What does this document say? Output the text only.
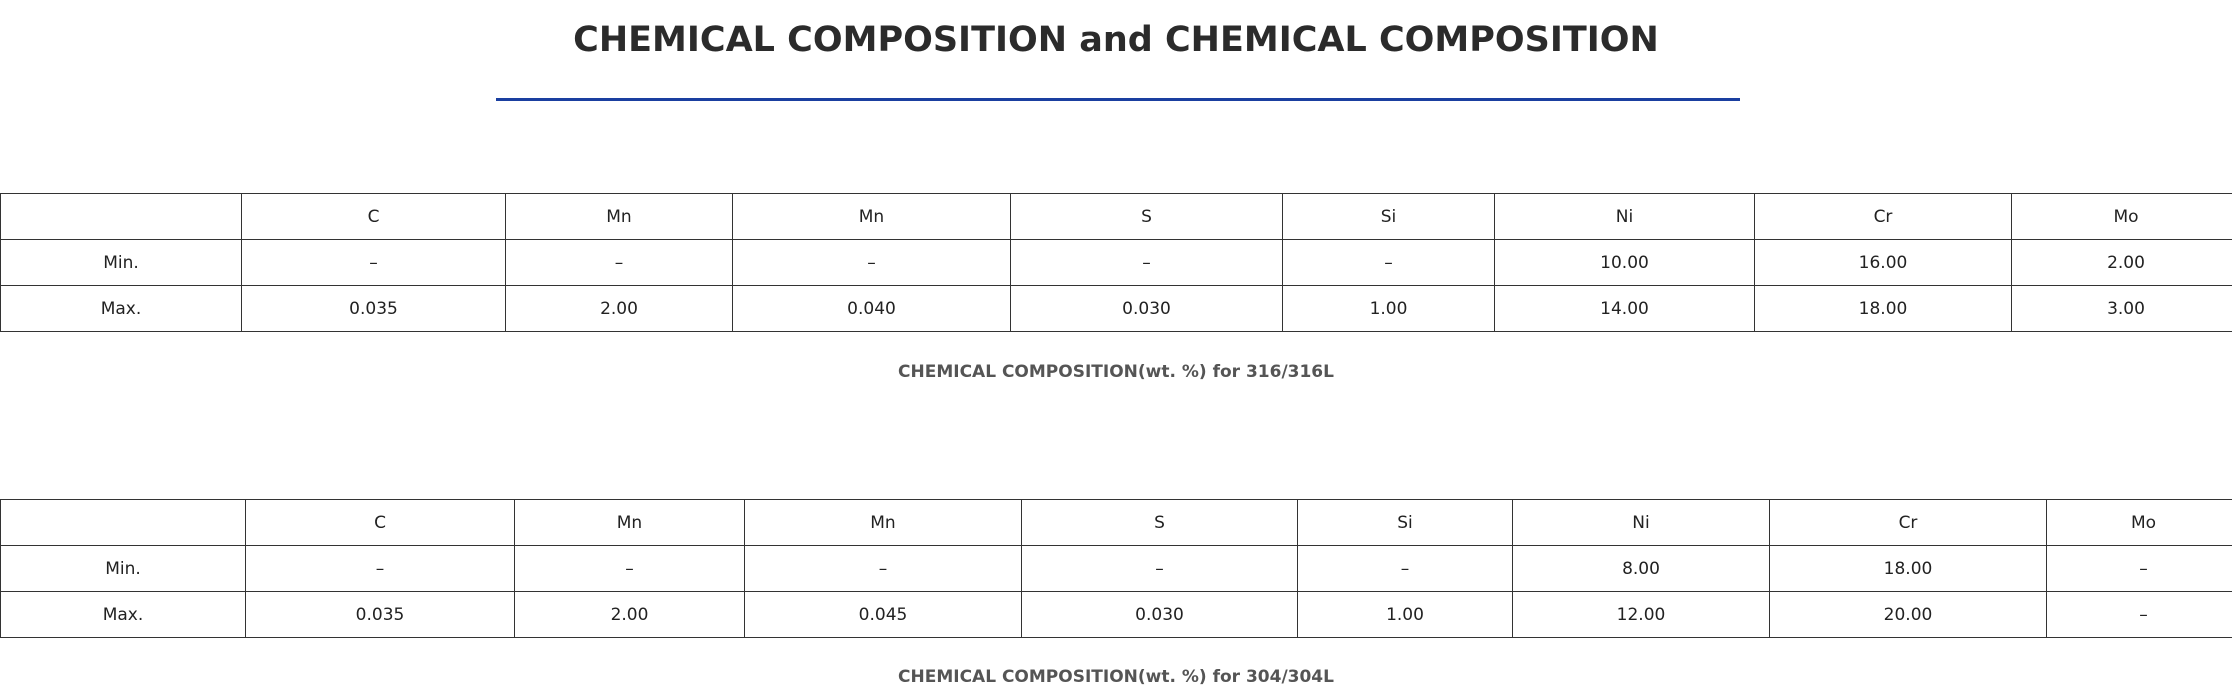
CHEMICAL COMPOSITION and CHEMICAL COMPOSITION
	C	Mn	Mn	S	Si	Ni	Cr	Mo
Min.	–	–	–	–	–	10.00	16.00	2.00
Max.	0.035	2.00	0.040	0.030	1.00	14.00	18.00	3.00
CHEMICAL COMPOSITION(wt. %) for 316/316L
	C	Mn	Mn	S	Si	Ni	Cr	Mo
Min.	–	–	–	–	–	8.00	18.00	–
Max.	0.035	2.00	0.045	0.030	1.00	12.00	20.00	–
CHEMICAL COMPOSITION(wt. %) for 304/304L
